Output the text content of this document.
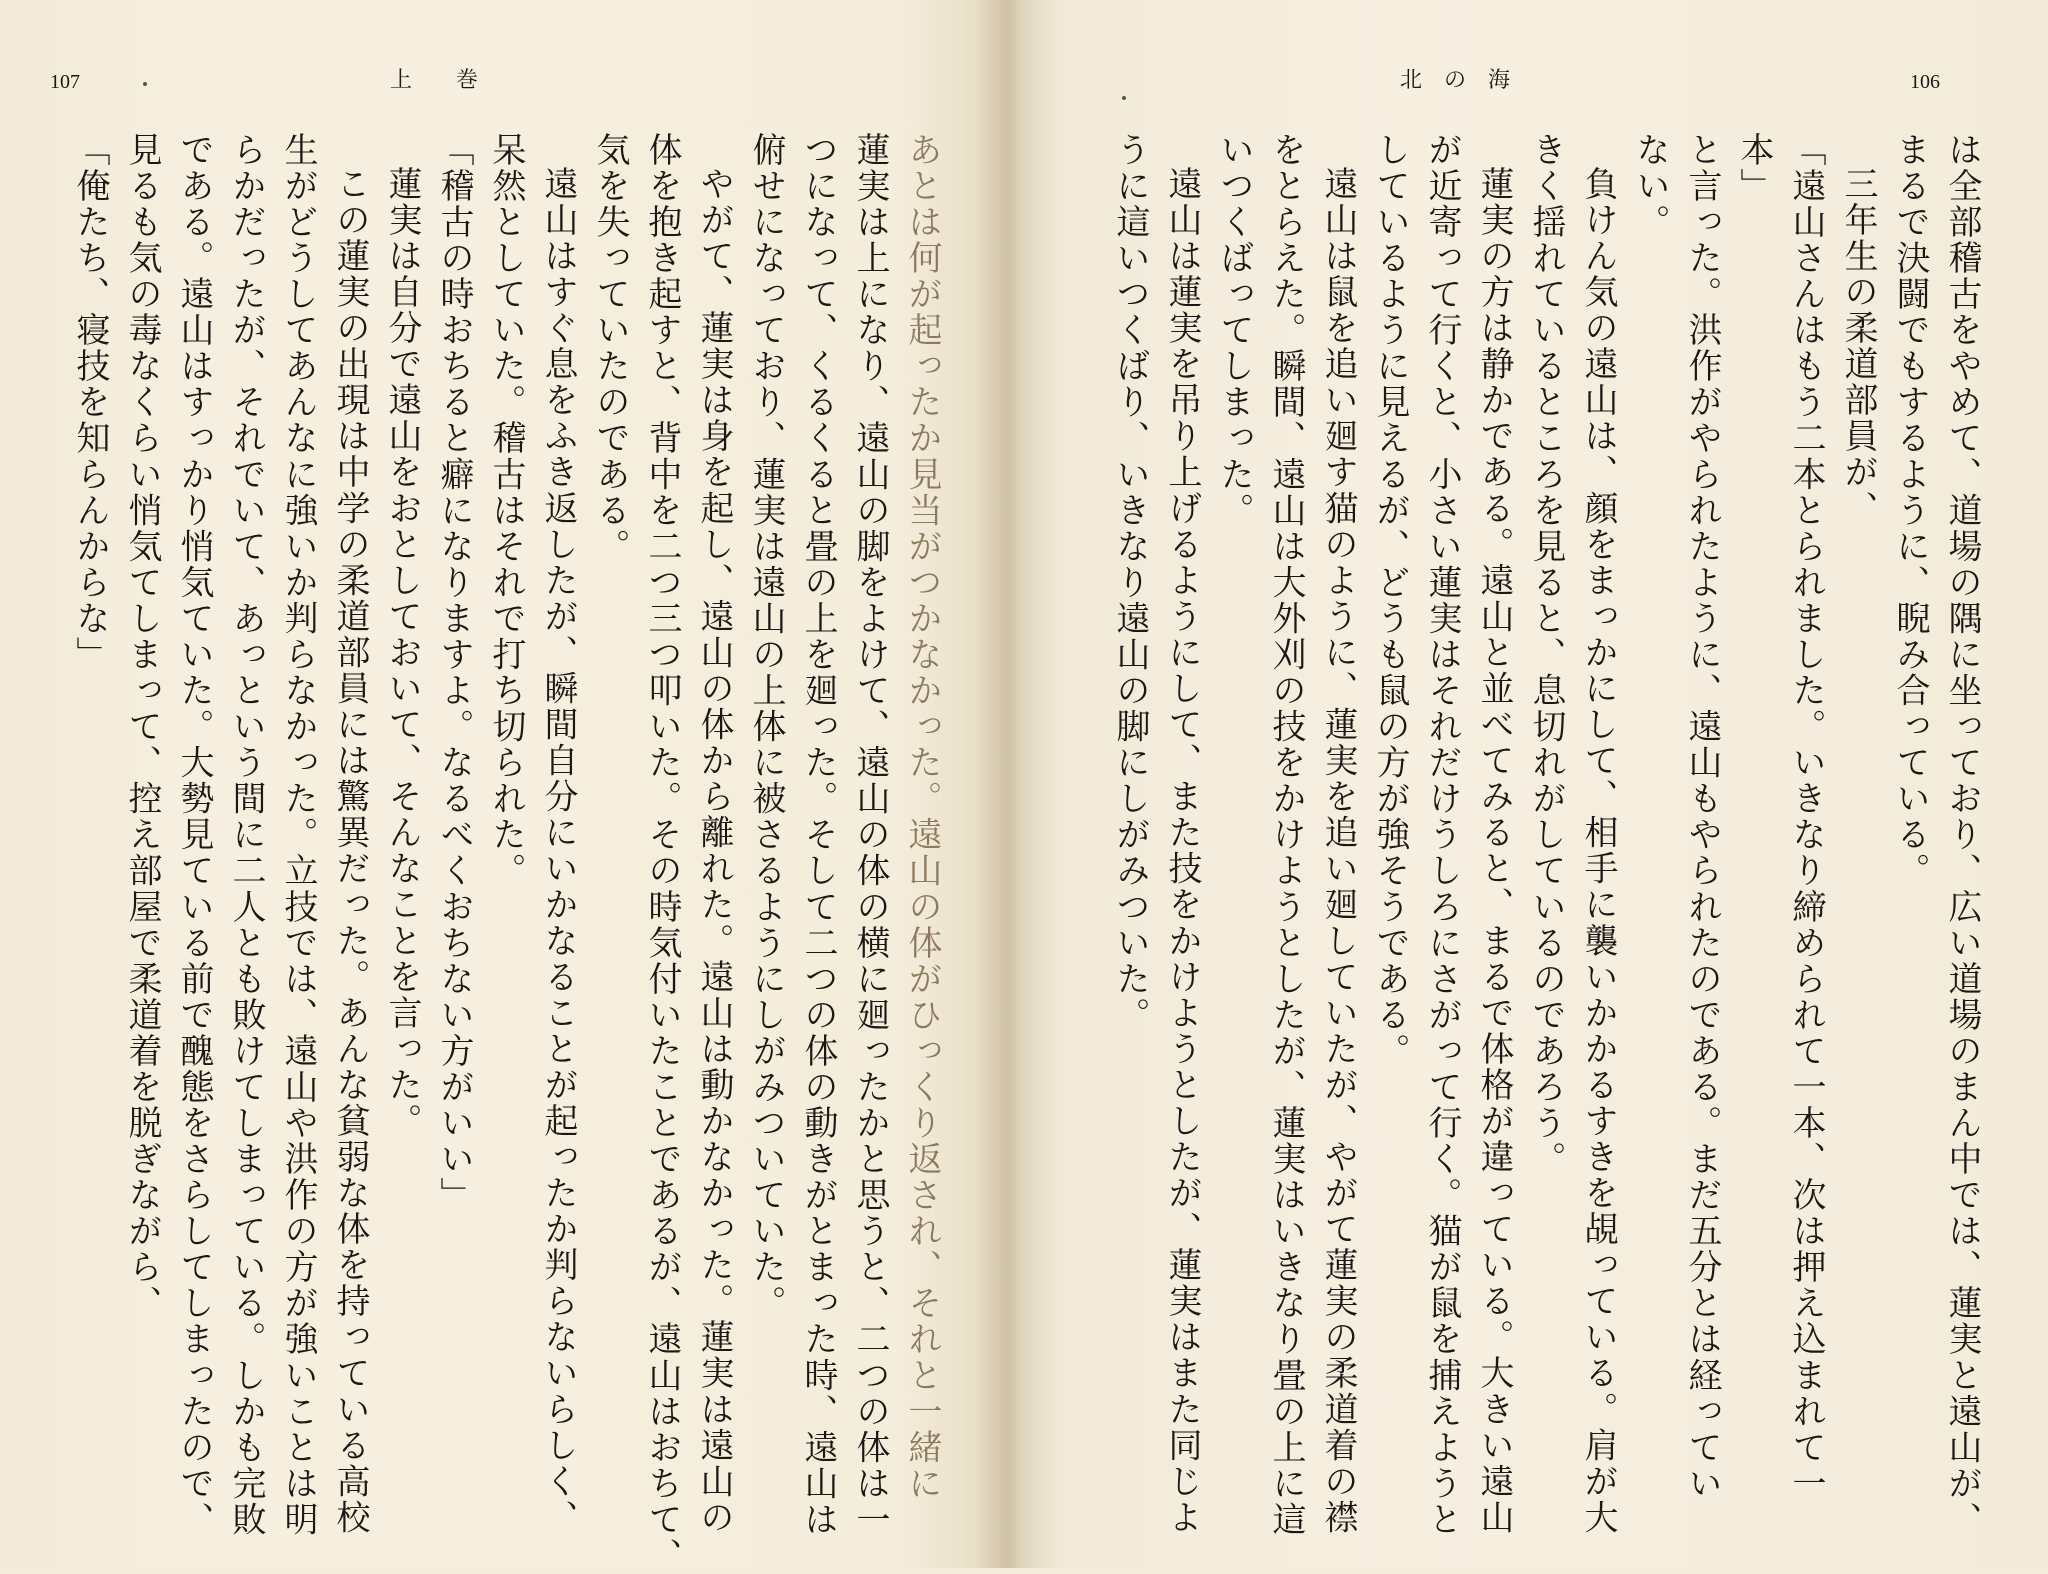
107	上　　巻

あとは何が起ったか見当がつかなかった。遠山の体がひっくり返され、それと一緒に

蓮実は上になり、遠山の脚をよけて、遠山の体の横に廻ったかと思うと、二つの体は一

つになって、くるくると畳の上を廻った。そして二つの体の動きがとまった時、遠山は

俯せになっており、蓮実は遠山の上体に被さるようにしがみついていた。

やがて、蓮実は身を起し、遠山の体から離れた。遠山は動かなかった。蓮実は遠山の

体を抱き起すと、背中を二つ三つ叩いた。その時気付いたことであるが、遠山はおちて、

気を失っていたのである。

遠山はすぐ息をふき返したが、瞬間自分にいかなることが起ったか判らないらしく、

呆然としていた。稽古はそれで打ち切られた。

「稽古の時おちると癖になりますよ。なるべくおちない方がいい」

蓮実は自分で遠山をおとしておいて、そんなことを言った。

この蓮実の出現は中学の柔道部員には驚異だった。あんな貧弱な体を持っている高校

生がどうしてあんなに強いか判らなかった。立技では、遠山や洪作の方が強いことは明

らかだったが、それでいて、あっという間に二人とも敗けてしまっている。しかも完敗

である。遠山はすっかり悄気ていた。大勢見ている前で醜態をさらしてしまったので、

見るも気の毒なくらい悄気てしまって、控え部屋で柔道着を脱ぎながら、

「俺たち、寝技を知らんからな」

北　の　海	106

は全部稽古をやめて、道場の隅に坐っており、広い道場のまん中では、蓮実と遠山が、

まるで決闘でもするように、睨み合っている。

三年生の柔道部員が、

「遠山さんはもう二本とられました。いきなり締められて一本、次は押え込まれて一

本」

と言った。洪作がやられたように、遠山もやられたのである。まだ五分とは経ってい

ない。

負けん気の遠山は、顔をまっかにして、相手に襲いかかるすきを覘っている。肩が大

きく揺れているところを見ると、息切れがしているのであろう。

蓮実の方は静かである。遠山と並べてみると、まるで体格が違っている。大きい遠山

が近寄って行くと、小さい蓮実はそれだけうしろにさがって行く。猫が鼠を捕えようと

しているように見えるが、どうも鼠の方が強そうである。

遠山は鼠を追い廻す猫のように、蓮実を追い廻していたが、やがて蓮実の柔道着の襟

をとらえた。瞬間、遠山は大外刈の技をかけようとしたが、蓮実はいきなり畳の上に這

いつくばってしまった。

遠山は蓮実を吊り上げるようにして、また技をかけようとしたが、蓮実はまた同じよ

うに這いつくばり、いきなり遠山の脚にしがみついた。
